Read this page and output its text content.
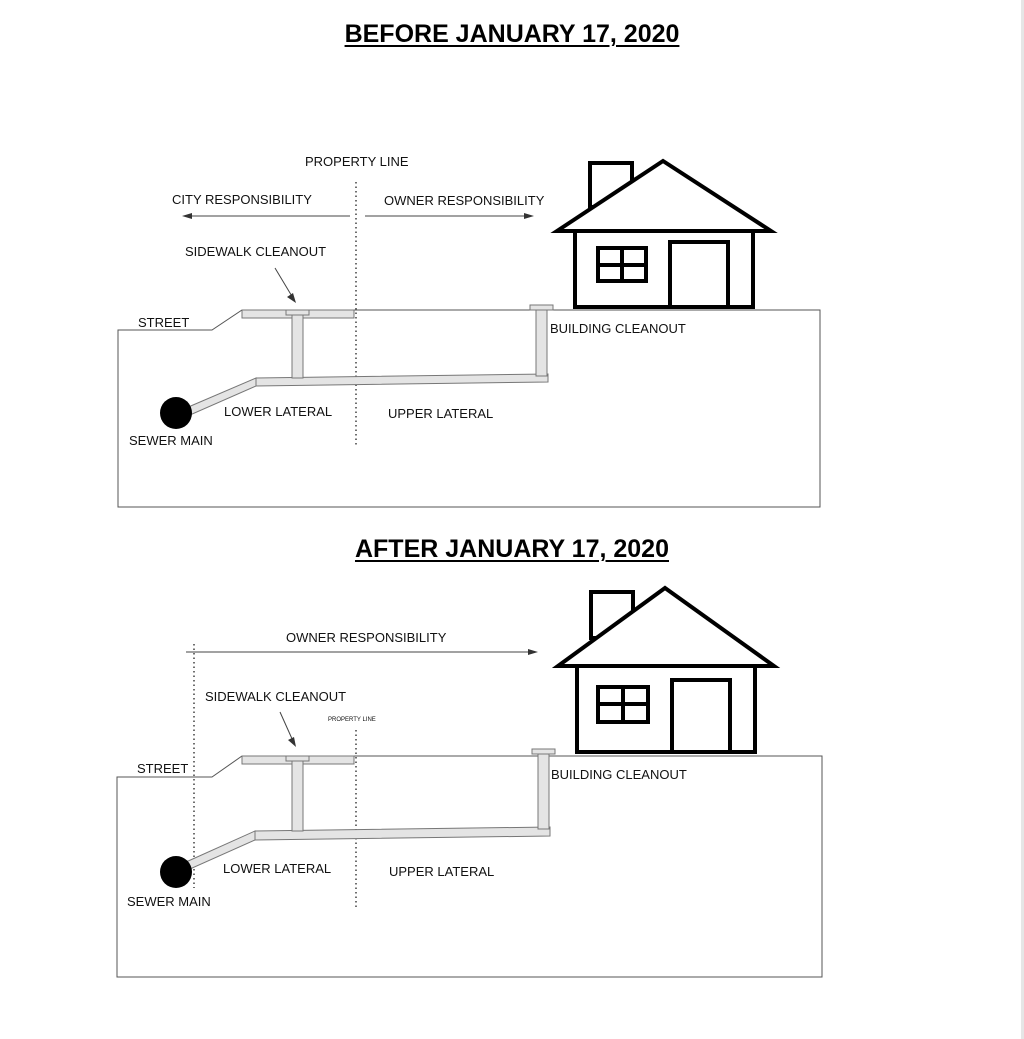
BEFORE JANUARY 17, 2020
AFTER JANUARY 17, 2020
PROPERTY LINE
CITY RESPONSIBILITY	OWNER RESPONSIBILITY
SIDEWALK CLEANOUT
STREET	BUILDING CLEANOUT
LOWER LATERAL	UPPER LATERAL
SEWER MAIN
OWNER RESPONSIBILITY
SIDEWALK CLEANOUT
PROPERTY LINE
STREET	BUILDING CLEANOUT
LOWER LATERAL	UPPER LATERAL
SEWER MAIN
